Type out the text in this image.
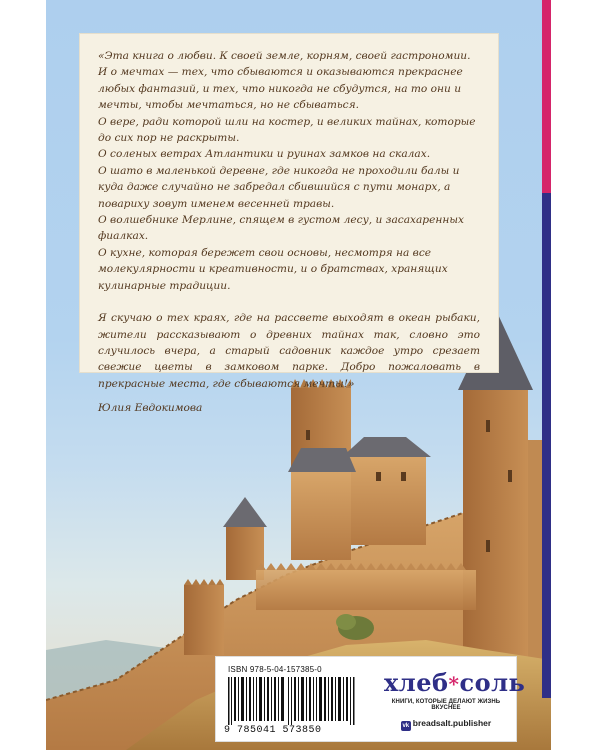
«Эта книга о любви. К своей земле, корням, своей гастрономии.

И о мечтах — тех, что сбываются и оказываются прекраснее любых фантазий, и тех, что никогда не сбудутся, на то они и мечты, чтобы мечтаться, но не сбываться.

О вере, ради которой шли на костер, и великих тайнах, которые до сих пор не раскрыты.

О соленых ветрах Атлантики и руинах замков на скалах.

О шато в маленькой деревне, где никогда не проходили балы и куда даже случайно не забредал сбившийся с пути монарх, а повариху зовут именем весенней травы.

О волшебнике Мерлине, спящем в густом лесу, и засахаренных фиалках.

О кухне, которая бережет свои основы, несмотря на все молекулярности и креативности, и о братствах, хранящих кулинарные традиции.

Я скучаю о тех краях, где на рассвете выходят в океан рыбаки, жители рассказывают о древних тайнах так, словно это случилось вчера, а старый садовник каждое утро срезает свежие цветы в замковом парке. Добро пожаловать в прекрасные места, где сбываются мечты!»

Юлия Евдокимова

ISBN 978-5-04-157385-0
9 785041 573850
хлеб*соль
КНИГИ, КОТОРЫЕ ДЕЛАЮТ ЖИЗНЬ ВКУСНЕЕ
vk breadsalt.publisher
